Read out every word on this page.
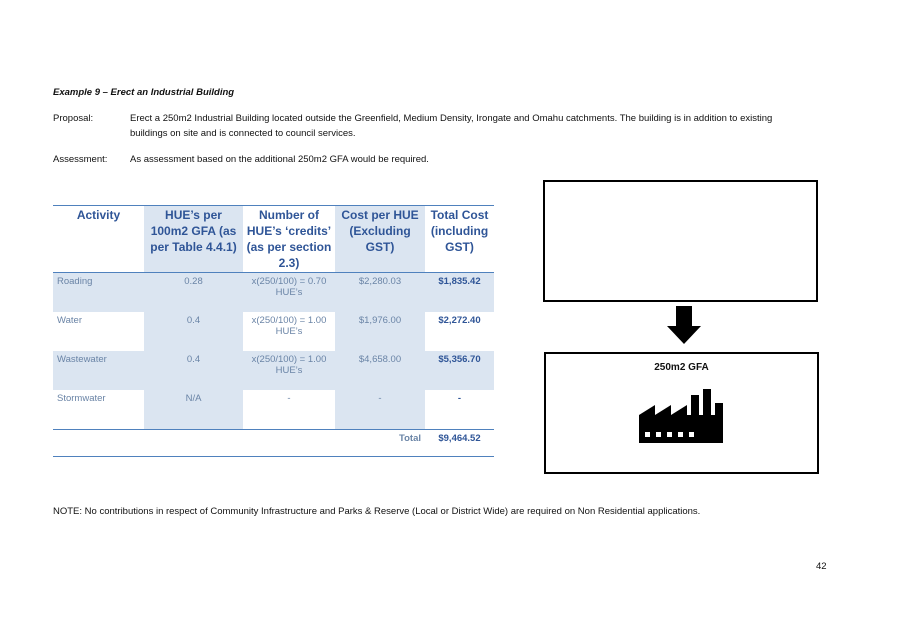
Example 9 – Erect an Industrial Building
Proposal:	Erect a 250m2 Industrial Building located outside the Greenfield, Medium Density, Irongate and Omahu catchments. The building is in addition to existing
buildings on site and is connected to council services.
Assessment: As assessment based on the additional 250m2 GFA would be required.
Activity	HUE’s per 100m2 GFA (as per Table 4.4.1)	Number of HUE’s ‘credits’ (as per section 2.3)	Cost per HUE (Excluding GST)	Total Cost (including GST)
Roading	0.28	x(250/100) = 0.70 HUE’s	$2,280.03	$1,835.42
Water	0.4	x(250/100) = 1.00 HUE’s	$1,976.00	$2,272.40
Wastewater	0.4	x(250/100) = 1.00 HUE’s	$4,658.00	$5,356.70
Stormwater	N/A	-	-	-
			Total	$9,464.52
250m2 GFA
NOTE: No contributions in respect of Community Infrastructure and Parks & Reserve (Local or District Wide) are required on Non Residential applications.
42
